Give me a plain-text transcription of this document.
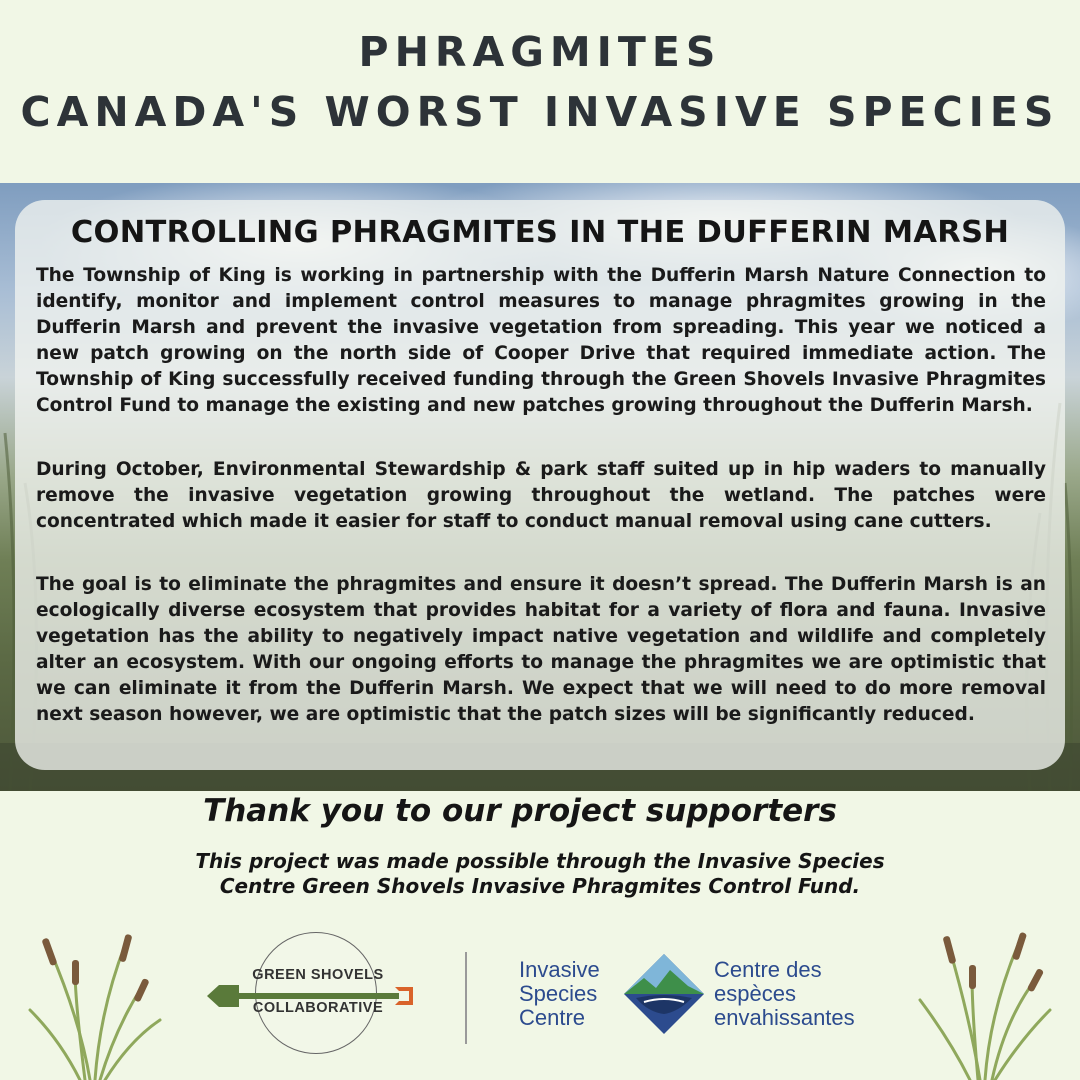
PHRAGMITES
CANADA'S WORST INVASIVE SPECIES
CONTROLLING PHRAGMITES IN THE DUFFERIN MARSH

The Township of King is working in partnership with the Dufferin Marsh Nature Connection to identify, monitor and implement control measures to manage phragmites growing in the Dufferin Marsh and prevent the invasive vegetation from spreading. This year we noticed a new patch growing on the north side of Cooper Drive that required immediate action. The Township of King successfully received funding through the Green Shovels Invasive Phragmites Control Fund to manage the existing and new patches growing throughout the Dufferin Marsh.

During October, Environmental Stewardship & park staff suited up in hip waders to manually remove the invasive vegetation growing throughout the wetland. The patches were concentrated which made it easier for staff to conduct manual removal using cane cutters.

The goal is to eliminate the phragmites and ensure it doesn’t spread. The Dufferin Marsh is an ecologically diverse ecosystem that provides habitat for a variety of flora and fauna. Invasive vegetation has the ability to negatively impact native vegetation and wildlife and completely alter an ecosystem. With our ongoing efforts to manage the phragmites we are optimistic that we can eliminate it from the Dufferin Marsh. We expect that we will need to do more removal next season however, we are optimistic that the patch sizes will be significantly reduced.

Thank you to our project supporters
This project was made possible through the Invasive Species
Centre Green Shovels Invasive Phragmites Control Fund.
GREEN SHOVELS
COLLABORATIVE
Invasive
Species
Centre
Centre des
espèces
envahissantes
